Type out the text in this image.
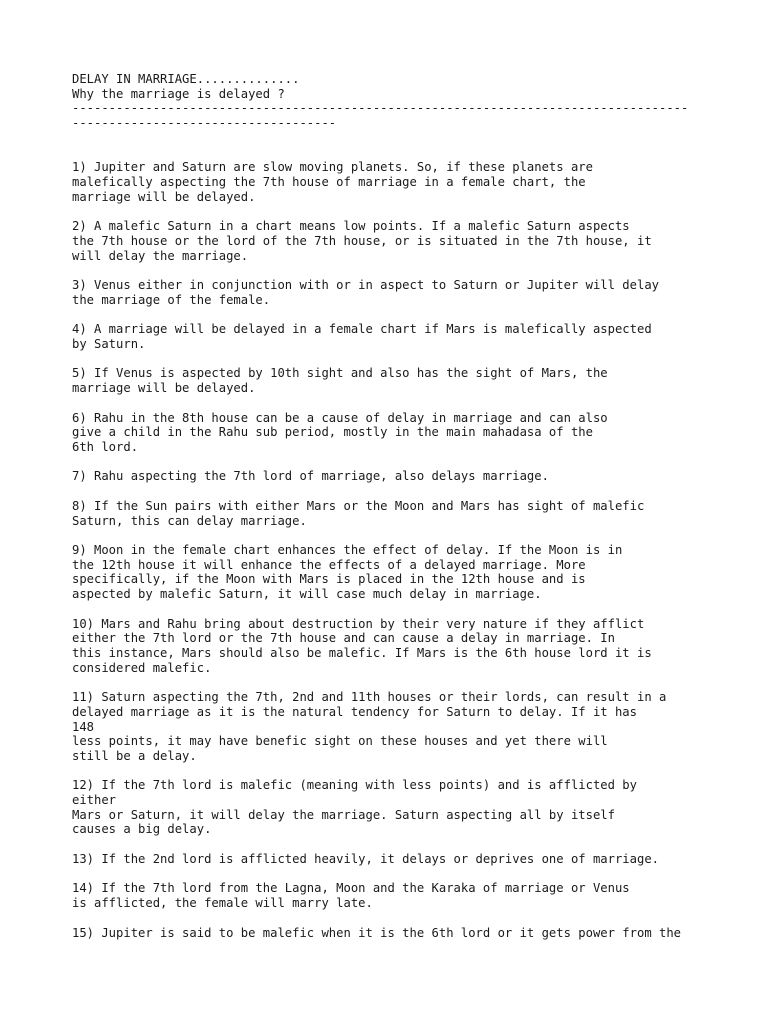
DELAY IN MARRIAGE..............
Why the marriage is delayed ?
------------------------------------------------------------------------------------
------------------------------------
1) Jupiter and Saturn are slow moving planets. So, if these planets are
malefically aspecting the 7th house of marriage in a female chart, the
marriage will be delayed.
2) A malefic Saturn in a chart means low points. If a malefic Saturn aspects
the 7th house or the lord of the 7th house, or is situated in the 7th house, it
will delay the marriage.
3) Venus either in conjunction with or in aspect to Saturn or Jupiter will delay
the marriage of the female.
4) A marriage will be delayed in a female chart if Mars is malefically aspected
by Saturn.
5) If Venus is aspected by 10th sight and also has the sight of Mars, the
marriage will be delayed.
6) Rahu in the 8th house can be a cause of delay in marriage and can also
give a child in the Rahu sub period, mostly in the main mahadasa of the
6th lord.
7) Rahu aspecting the 7th lord of marriage, also delays marriage.
8) If the Sun pairs with either Mars or the Moon and Mars has sight of malefic
Saturn, this can delay marriage.
9) Moon in the female chart enhances the effect of delay. If the Moon is in
the 12th house it will enhance the effects of a delayed marriage. More
specifically, if the Moon with Mars is placed in the 12th house and is
aspected by malefic Saturn, it will case much delay in marriage.
10) Mars and Rahu bring about destruction by their very nature if they afflict
either the 7th lord or the 7th house and can cause a delay in marriage. In
this instance, Mars should also be malefic. If Mars is the 6th house lord it is
considered malefic.
11) Saturn aspecting the 7th, 2nd and 11th houses or their lords, can result in a
delayed marriage as it is the natural tendency for Saturn to delay. If it has
148
less points, it may have benefic sight on these houses and yet there will
still be a delay.
12) If the 7th lord is malefic (meaning with less points) and is afflicted by
either
Mars or Saturn, it will delay the marriage. Saturn aspecting all by itself
causes a big delay.
13) If the 2nd lord is afflicted heavily, it delays or deprives one of marriage.
14) If the 7th lord from the Lagna, Moon and the Karaka of marriage or Venus
is afflicted, the female will marry late.
15) Jupiter is said to be malefic when it is the 6th lord or it gets power from the
